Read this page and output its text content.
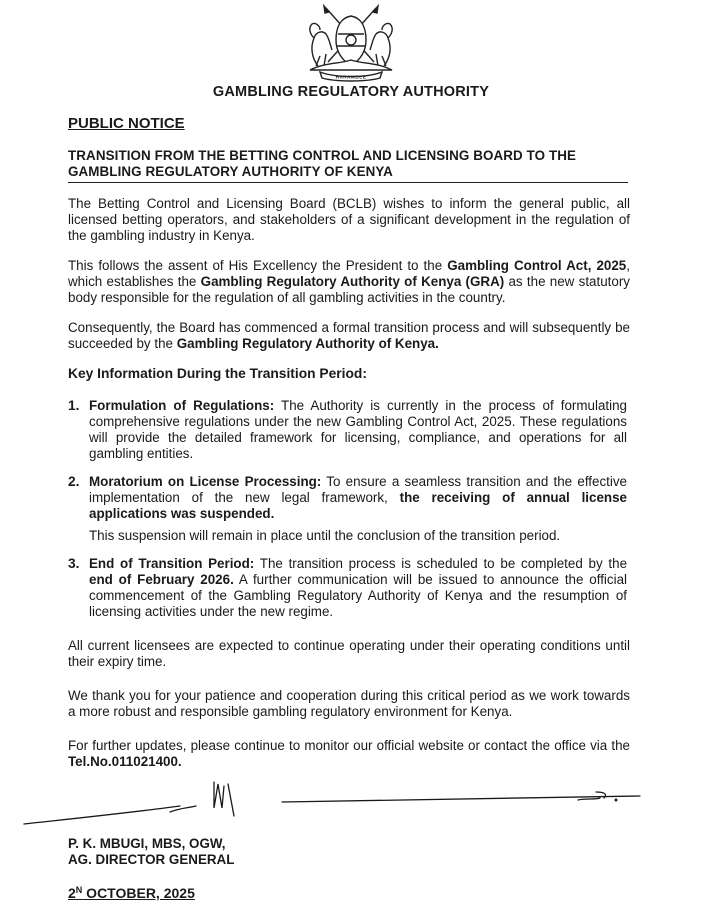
HARAMBEE
GAMBLING REGULATORY AUTHORITY
PUBLIC NOTICE
TRANSITION FROM THE BETTING CONTROL AND LICENSING BOARD TO THE GAMBLING REGULATORY AUTHORITY OF KENYA
The Betting Control and Licensing Board (BCLB) wishes to inform the general public, all licensed betting operators, and stakeholders of a significant development in the regulation of the gambling industry in Kenya.
This follows the assent of His Excellency the President to the Gambling Control Act, 2025, which establishes the Gambling Regulatory Authority of Kenya (GRA) as the new statutory body responsible for the regulation of all gambling activities in the country.
Consequently, the Board has commenced a formal transition process and will subsequently be succeeded by the Gambling Regulatory Authority of Kenya.
Key Information During the Transition Period:
1. Formulation of Regulations: The Authority is currently in the process of formulating comprehensive regulations under the new Gambling Control Act, 2025. These regulations will provide the detailed framework for licensing, compliance, and operations for all gambling entities.
2. Moratorium on License Processing: To ensure a seamless transition and the effective implementation of the new legal framework, the receiving of annual license applications was suspended.
This suspension will remain in place until the conclusion of the transition period.
3. End of Transition Period: The transition process is scheduled to be completed by the end of February 2026. A further communication will be issued to announce the official commencement of the Gambling Regulatory Authority of Kenya and the resumption of licensing activities under the new regime.
All current licensees are expected to continue operating under their operating conditions until their expiry time.
We thank you for your patience and cooperation during this critical period as we work towards a more robust and responsible gambling regulatory environment for Kenya.
For further updates, please continue to monitor our official website or contact the office via the Tel.No.011021400.
P. K. MBUGI, MBS, OGW,
AG. DIRECTOR GENERAL
$2^N$ OCTOBER, 2025
